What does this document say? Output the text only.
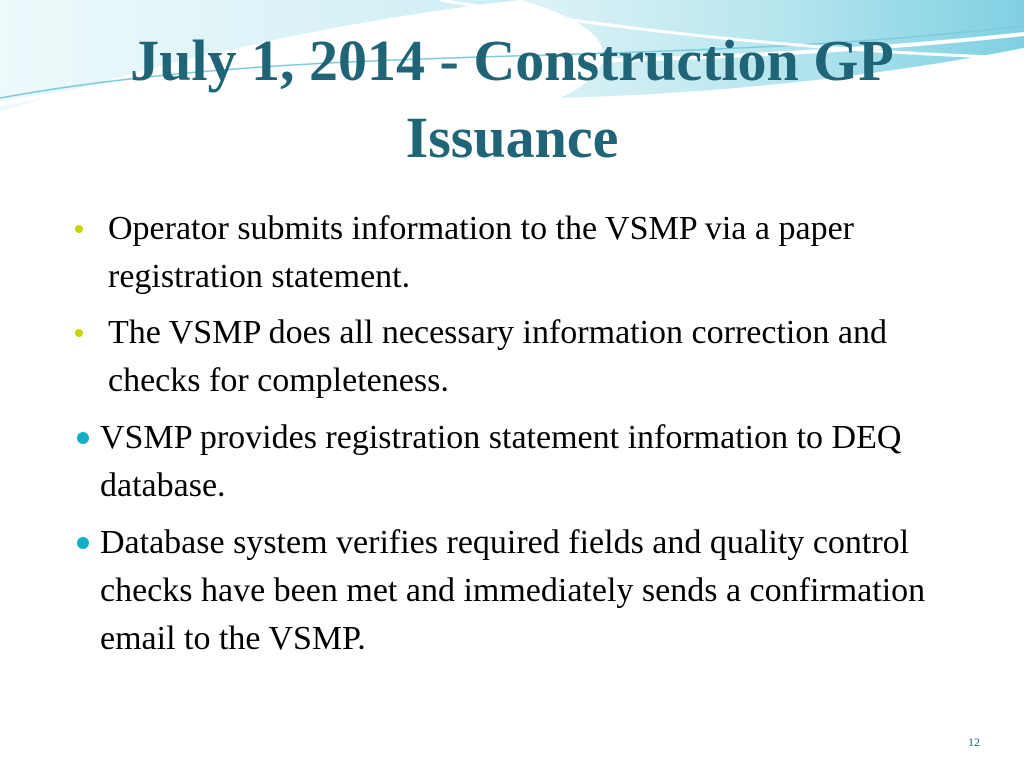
July 1, 2014 - Construction GP Issuance
Operator submits information to the VSMP via a paper registration statement.
The VSMP does all necessary information correction and checks for completeness.
VSMP provides registration statement information to DEQ database.
Database system verifies required fields and quality control checks have been met and immediately sends a confirmation email to the VSMP.
12
